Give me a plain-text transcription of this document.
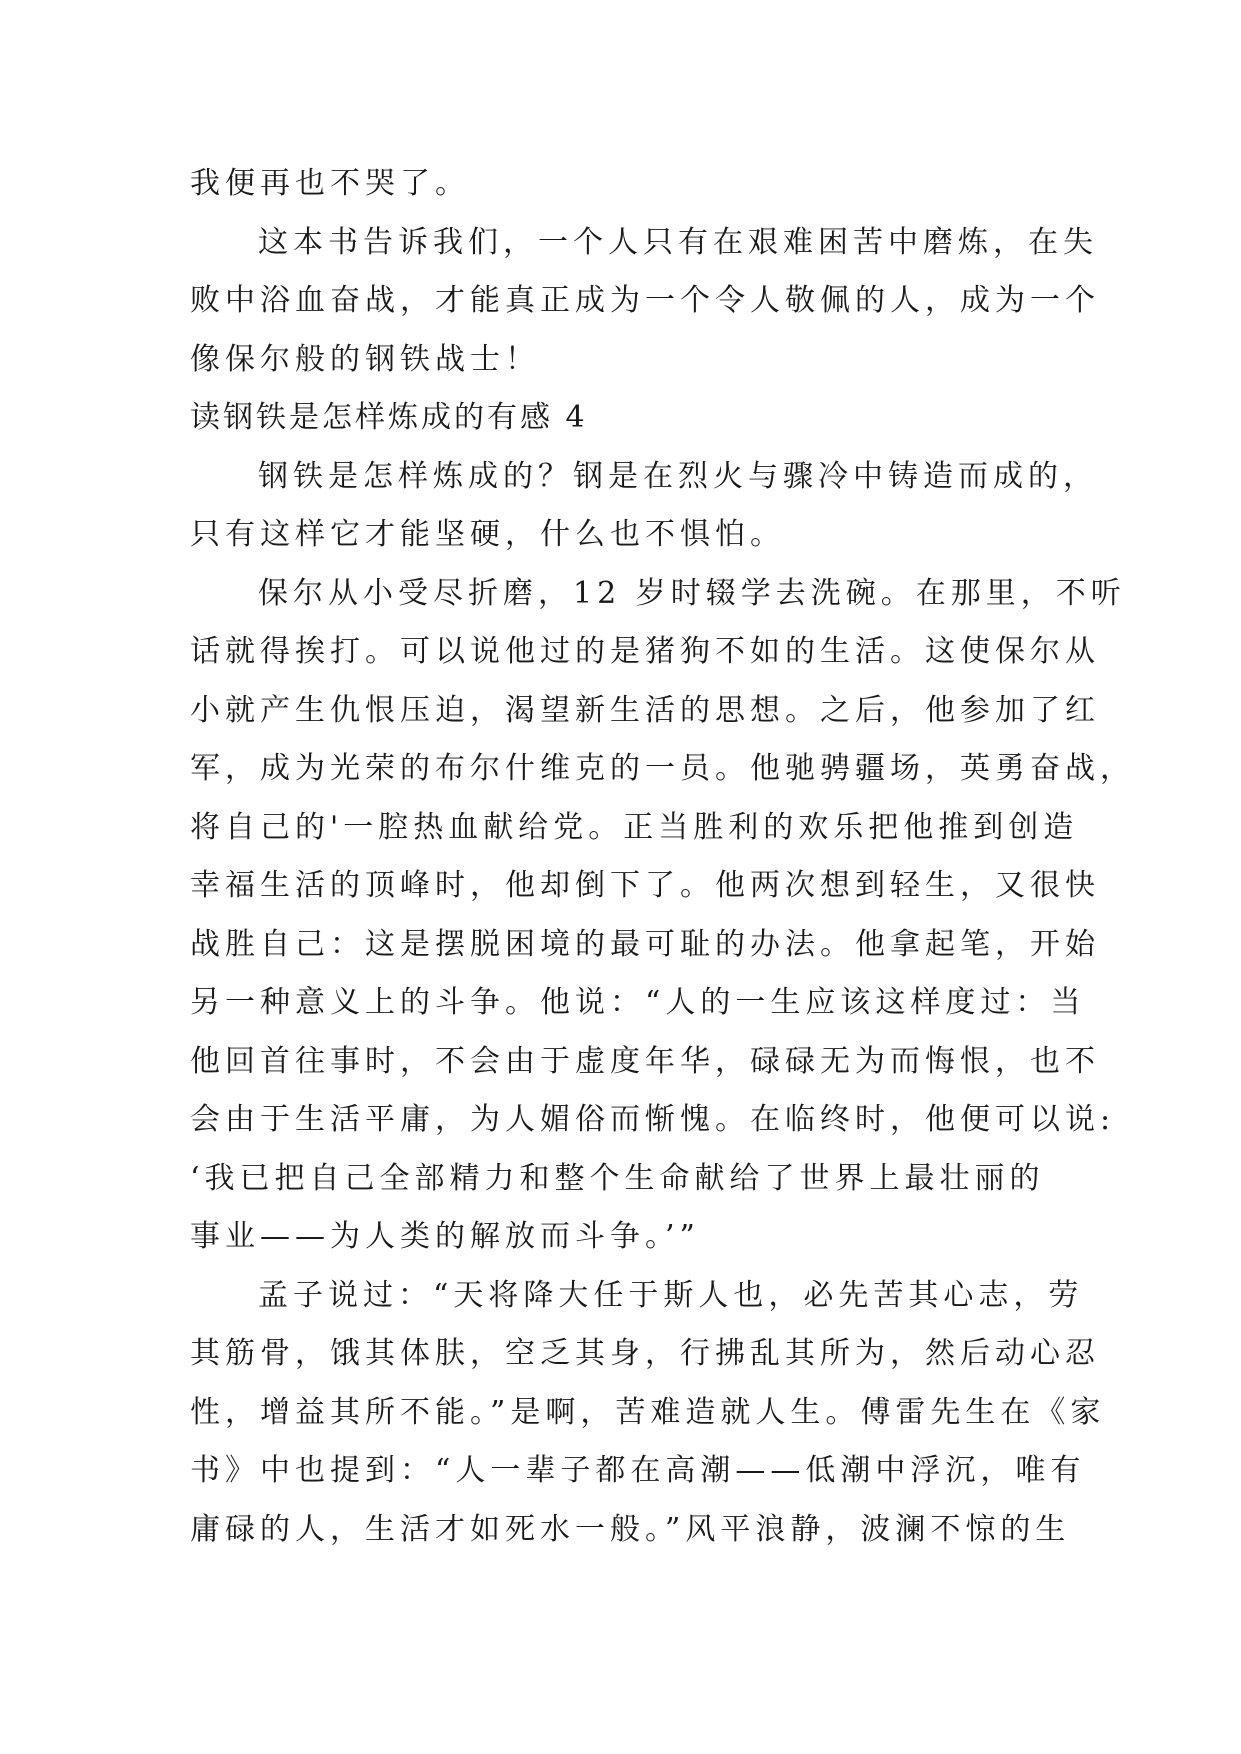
我便再也不哭了。
这本书告诉我们，一个人只有在艰难困苦中磨炼，在失
败中浴血奋战，才能真正成为一个令人敬佩的人，成为一个
像保尔般的钢铁战士！
读钢铁是怎样炼成的有感 4
钢铁是怎样炼成的？钢是在烈火与骤冷中铸造而成的，
只有这样它才能坚硬，什么也不惧怕。
保尔从小受尽折磨，12 岁时辍学去洗碗。在那里，不听
话就得挨打。可以说他过的是猪狗不如的生活。这使保尔从
小就产生仇恨压迫，渴望新生活的思想。之后，他参加了红
军，成为光荣的布尔什维克的一员。他驰骋疆场，英勇奋战，
将自己的'一腔热血献给党。正当胜利的欢乐把他推到创造
幸福生活的顶峰时，他却倒下了。他两次想到轻生，又很快
战胜自己：这是摆脱困境的最可耻的办法。他拿起笔，开始
另一种意义上的斗争。他说：“人的一生应该这样度过：当
他回首往事时，不会由于虚度年华，碌碌无为而悔恨，也不
会由于生活平庸，为人媚俗而惭愧。在临终时，他便可以说:
‘我已把自己全部精力和整个生命献给了世界上最壮丽的
事业——为人类的解放而斗争。’”
孟子说过：“天将降大任于斯人也，必先苦其心志，劳
其筋骨，饿其体肤，空乏其身，行拂乱其所为，然后动心忍
性，增益其所不能。”是啊，苦难造就人生。傅雷先生在《家
书》中也提到：“人一辈子都在高潮——低潮中浮沉，唯有
庸碌的人，生活才如死水一般。”风平浪静，波澜不惊的生
